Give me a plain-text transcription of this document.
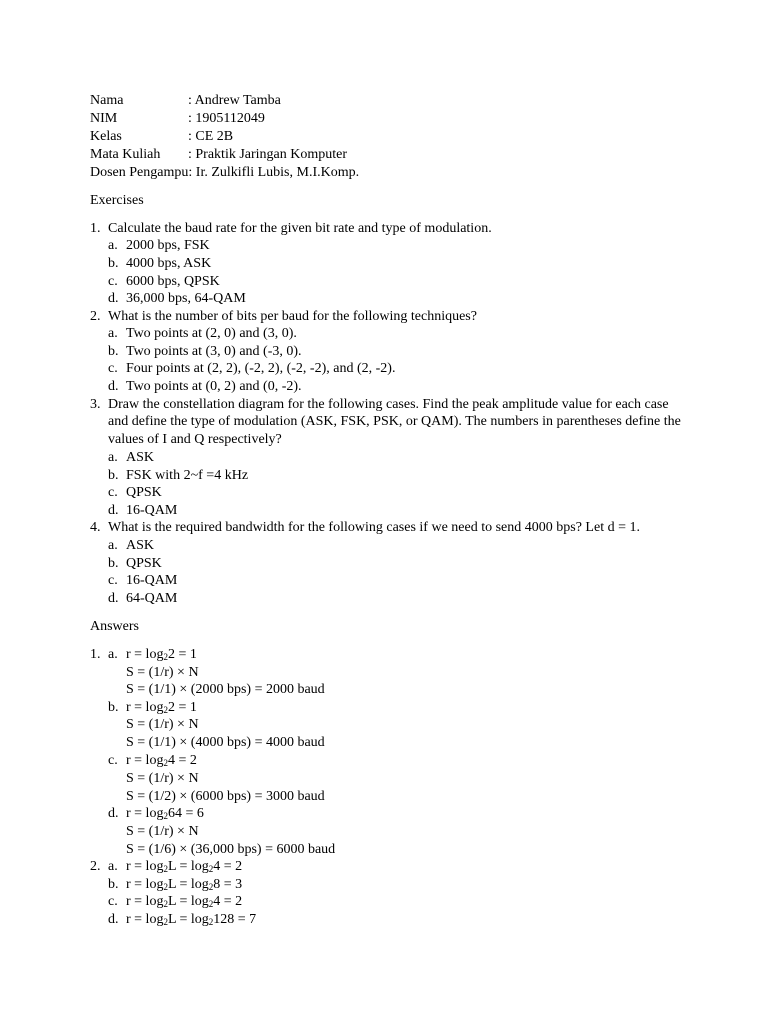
Nama	: Andrew Tamba
NIM	: 1905112049
Kelas	: CE 2B
Mata Kuliah : Praktik Jaringan Komputer
Dosen Pengampu: Ir. Zulkifli Lubis, M.I.Komp.
Exercises
1. Calculate the baud rate for the given bit rate and type of modulation.
a. 2000 bps, FSK
b. 4000 bps, ASK
c. 6000 bps, QPSK
d. 36,000 bps, 64-QAM
2. What is the number of bits per baud for the following techniques?
a. Two points at (2, 0) and (3, 0).
b. Two points at (3, 0) and (-3, 0).
c. Four points at (2, 2), (-2, 2), (-2, -2), and (2, -2).
d. Two points at (0, 2) and (0, -2).
3. Draw the constellation diagram for the following cases. Find the peak amplitude value for each case
and define the type of modulation (ASK, FSK, PSK, or QAM). The numbers in parentheses define the
values of I and Q respectively?
a. ASK
b. FSK with 2~f =4 kHz
c. QPSK
d. 16-QAM
4. What is the required bandwidth for the following cases if we need to send 4000 bps? Let d = 1.
a. ASK
b. QPSK
c. 16-QAM
d. 64-QAM
Answers
1. a. $r = \log_22 = 1$
S = (1/r) × N
S = (1/1) × (2000 bps) = 2000 baud
b. $r = \log_22 = 1$
S = (1/r) × N
S = (1/1) × (4000 bps) = 4000 baud
c. $r = \log_24 = 2$
S = (1/r) × N
S = (1/2) × (6000 bps) = 3000 baud
d. $r = \log_264 = 6$
S = (1/r) × N
S = (1/6) × (36,000 bps) = 6000 baud
2. a. $r = \log_2L = \log_24 = 2$
b. $r = \log_2L = \log_28 = 3$
c. $r = \log_2L = \log_24 = 2$
d. $r = \log_2L = \log_2128 = 7$
